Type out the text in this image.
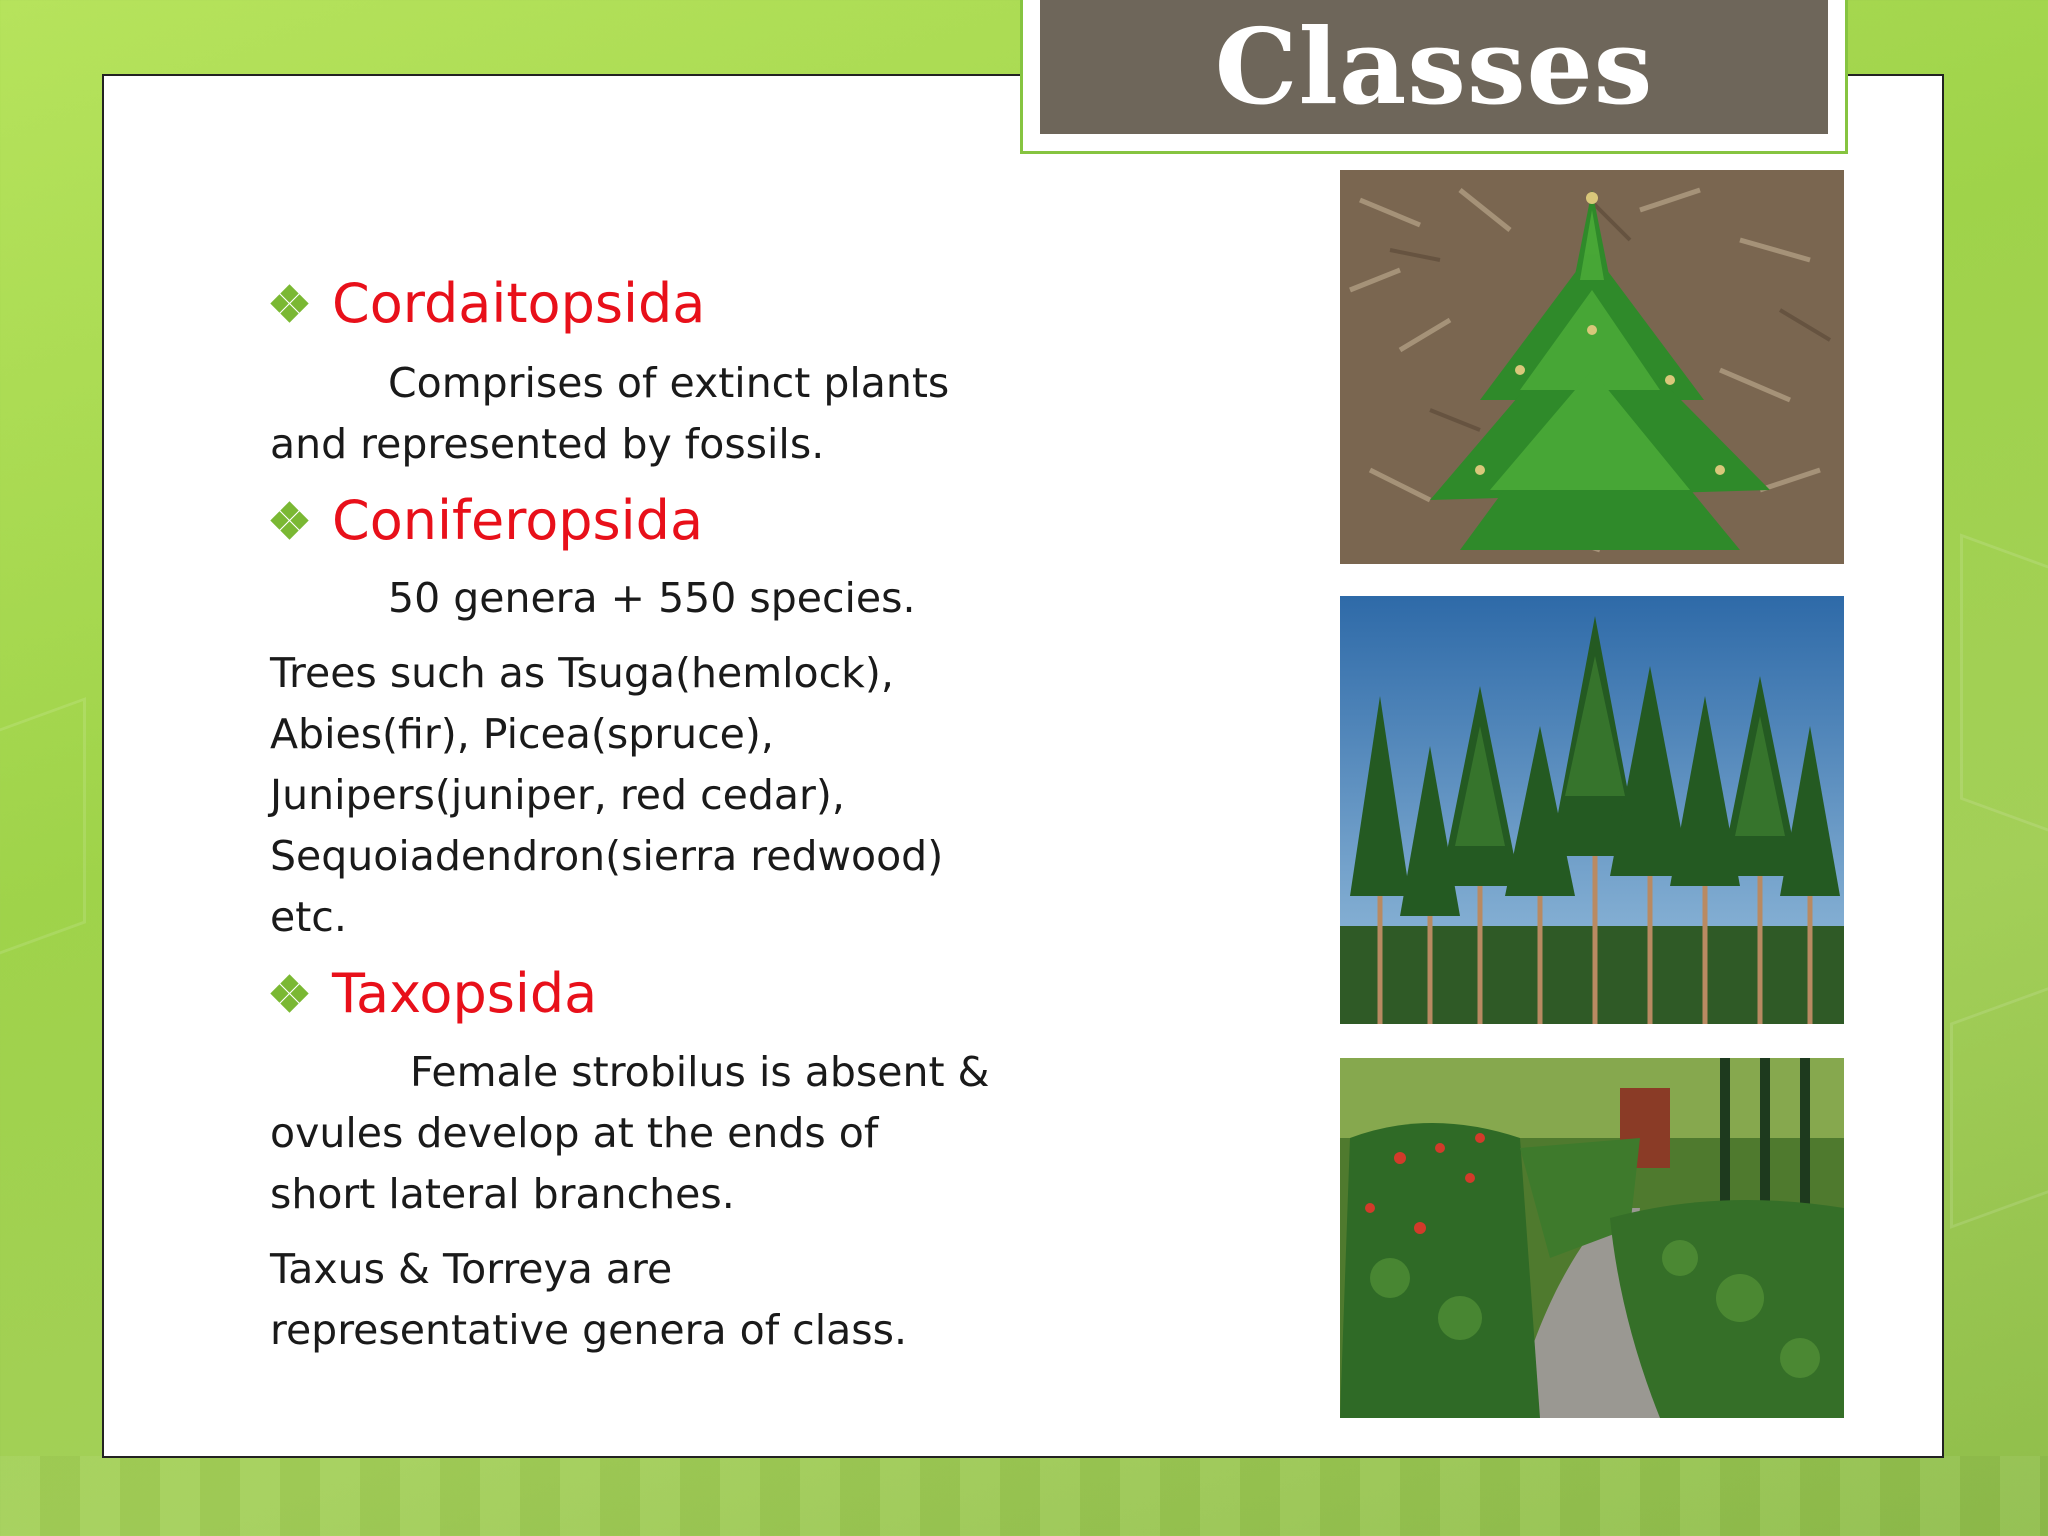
Classes
Cordaitopsida

Comprises of extinct plants and represented by fossils.

Coniferopsida

50 genera + 550 species.

Trees such as Tsuga(hemlock), Abies(fir), Picea(spruce), Junipers(juniper, red cedar), Sequoiadendron(sierra redwood) etc.

Taxopsida

Female strobilus is absent & ovules develop at the ends of short lateral branches.

Taxus & Torreya are representative genera of class.
